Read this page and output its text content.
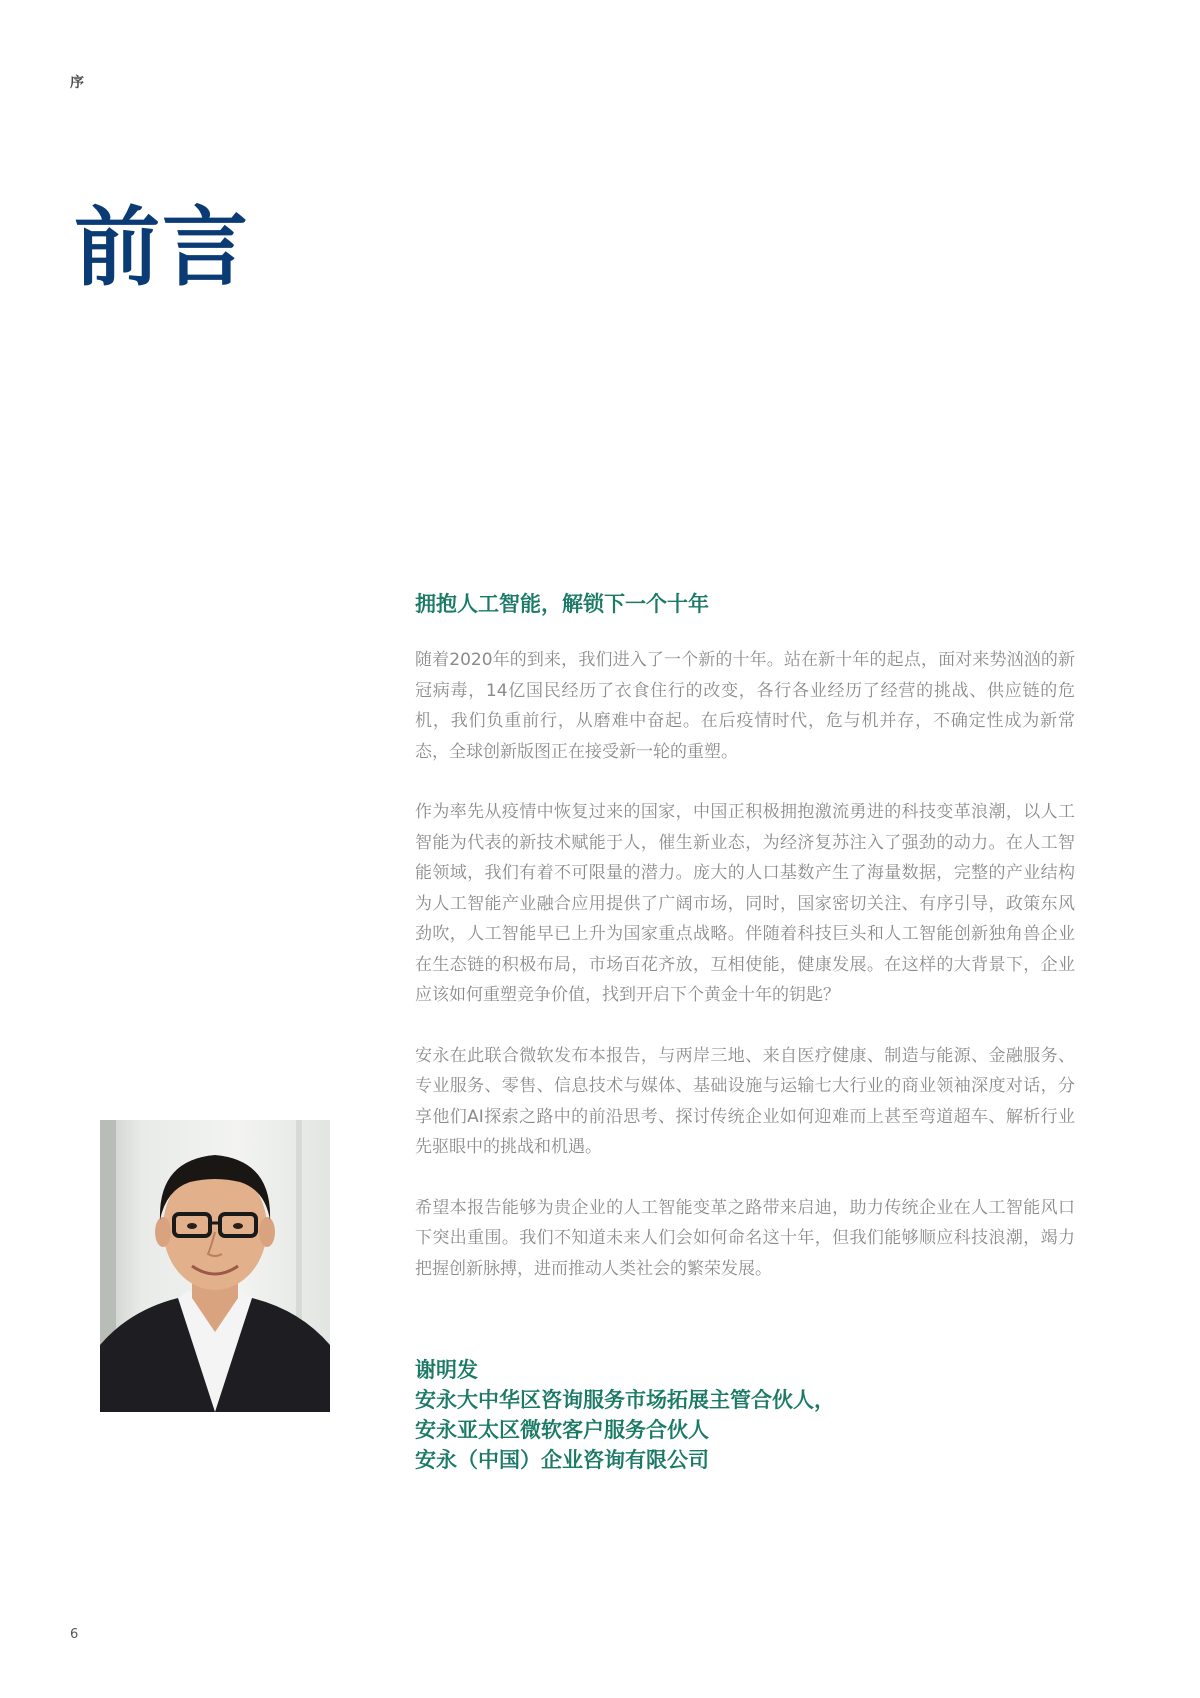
序
前言
拥抱人工智能，解锁下一个十年

随着2020年的到来，我们进入了一个新的十年。站在新十年的起点，面对来势汹汹的新冠病毒，14亿国民经历了衣食住行的改变，各行各业经历了经营的挑战、供应链的危机，我们负重前行，从磨难中奋起。在后疫情时代，危与机并存，不确定性成为新常态，全球创新版图正在接受新一轮的重塑。

作为率先从疫情中恢复过来的国家，中国正积极拥抱激流勇进的科技变革浪潮，以人工智能为代表的新技术赋能于人，催生新业态，为经济复苏注入了强劲的动力。在人工智能领域，我们有着不可限量的潜力。庞大的人口基数产生了海量数据，完整的产业结构为人工智能产业融合应用提供了广阔市场，同时，国家密切关注、有序引导，政策东风劲吹，人工智能早已上升为国家重点战略。伴随着科技巨头和人工智能创新独角兽企业在生态链的积极布局，市场百花齐放，互相使能，健康发展。在这样的大背景下，企业应该如何重塑竞争价值，找到开启下个黄金十年的钥匙？

安永在此联合微软发布本报告，与两岸三地、来自医疗健康、制造与能源、金融服务、专业服务、零售、信息技术与媒体、基础设施与运输七大行业的商业领袖深度对话，分享他们AI探索之路中的前沿思考、探讨传统企业如何迎难而上甚至弯道超车、解析行业先驱眼中的挑战和机遇。

希望本报告能够为贵企业的人工智能变革之路带来启迪，助力传统企业在人工智能风口下突出重围。我们不知道未来人们会如何命名这十年，但我们能够顺应科技浪潮，竭力把握创新脉搏，进而推动人类社会的繁荣发展。

谢明发
安永大中华区咨询服务市场拓展主管合伙人，
安永亚太区微软客户服务合伙人
安永（中国）企业咨询有限公司
6
